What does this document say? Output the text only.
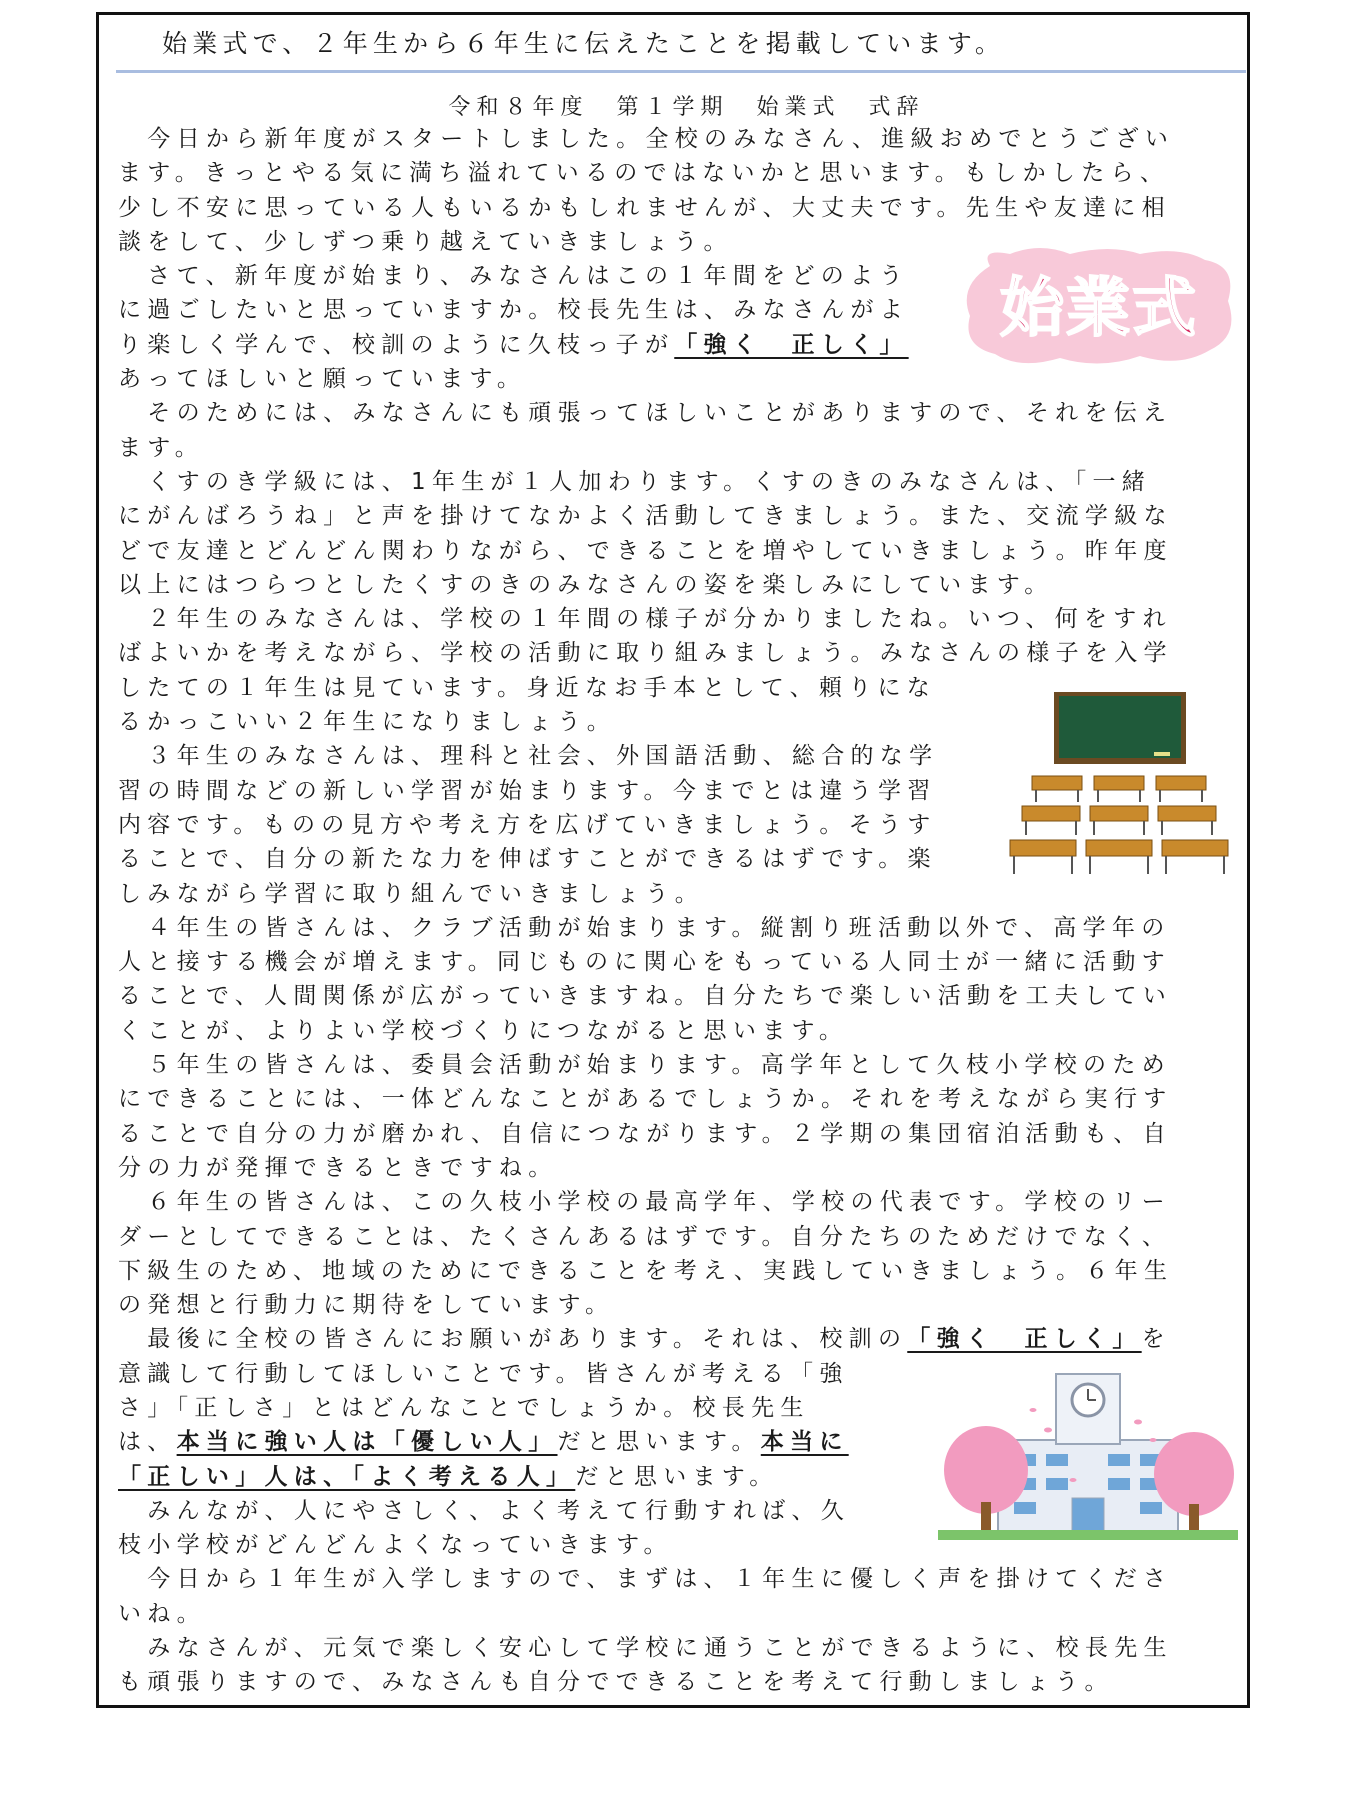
始業式で、２年生から６年生に伝えたことを掲載しています。
令和８年度　第１学期　始業式　式辞
　今日から新年度がスタートしました。全校のみなさん、進級おめでとうござい
ます。きっとやる気に満ち溢れているのではないかと思います。もしかしたら、
少し不安に思っている人もいるかもしれませんが、大丈夫です。先生や友達に相
談をして、少しずつ乗り越えていきましょう。
　さて、新年度が始まり、みなさんはこの１年間をどのよう
に過ごしたいと思っていますか。校長先生は、みなさんがよ
り楽しく学んで、校訓のように久枝っ子が「強く　正しく」
あってほしいと願っています。
　そのためには、みなさんにも頑張ってほしいことがありますので、それを伝え
ます。
　くすのき学級には、1年生が１人加わります。くすのきのみなさんは、「一緒
にがんばろうね」と声を掛けてなかよく活動してきましょう。また、交流学級な
どで友達とどんどん関わりながら、できることを増やしていきましょう。昨年度
以上にはつらつとしたくすのきのみなさんの姿を楽しみにしています。
　２年生のみなさんは、学校の１年間の様子が分かりましたね。いつ、何をすれ
ばよいかを考えながら、学校の活動に取り組みましょう。みなさんの様子を入学
したての１年生は見ています。身近なお手本として、頼りにな
るかっこいい２年生になりましょう。
　３年生のみなさんは、理科と社会、外国語活動、総合的な学
習の時間などの新しい学習が始まります。今までとは違う学習
内容です。ものの見方や考え方を広げていきましょう。そうす
ることで、自分の新たな力を伸ばすことができるはずです。楽
しみながら学習に取り組んでいきましょう。
　４年生の皆さんは、クラブ活動が始まります。縦割り班活動以外で、高学年の
人と接する機会が増えます。同じものに関心をもっている人同士が一緒に活動す
ることで、人間関係が広がっていきますね。自分たちで楽しい活動を工夫してい
くことが、よりよい学校づくりにつながると思います。
　５年生の皆さんは、委員会活動が始まります。高学年として久枝小学校のため
にできることには、一体どんなことがあるでしょうか。それを考えながら実行す
ることで自分の力が磨かれ、自信につながります。２学期の集団宿泊活動も、自
分の力が発揮できるときですね。
　６年生の皆さんは、この久枝小学校の最高学年、学校の代表です。学校のリー
ダーとしてできることは、たくさんあるはずです。自分たちのためだけでなく、
下級生のため、地域のためにできることを考え、実践していきましょう。６年生
の発想と行動力に期待をしています。
　最後に全校の皆さんにお願いがあります。それは、校訓の「強く　正しく」を
意識して行動してほしいことです。皆さんが考える「強
さ」「正しさ」とはどんなことでしょうか。校長先生
は、本当に強い人は「優しい人」だと思います。本当に
「正しい」人は、「よく考える人」だと思います。
　みんなが、人にやさしく、よく考えて行動すれば、久
枝小学校がどんどんよくなっていきます。
　今日から１年生が入学しますので、まずは、１年生に優しく声を掛けてくださ
いね。
　みなさんが、元気で楽しく安心して学校に通うことができるように、校長先生
も頑張りますので、みなさんも自分でできることを考えて行動しましょう。
始業式
